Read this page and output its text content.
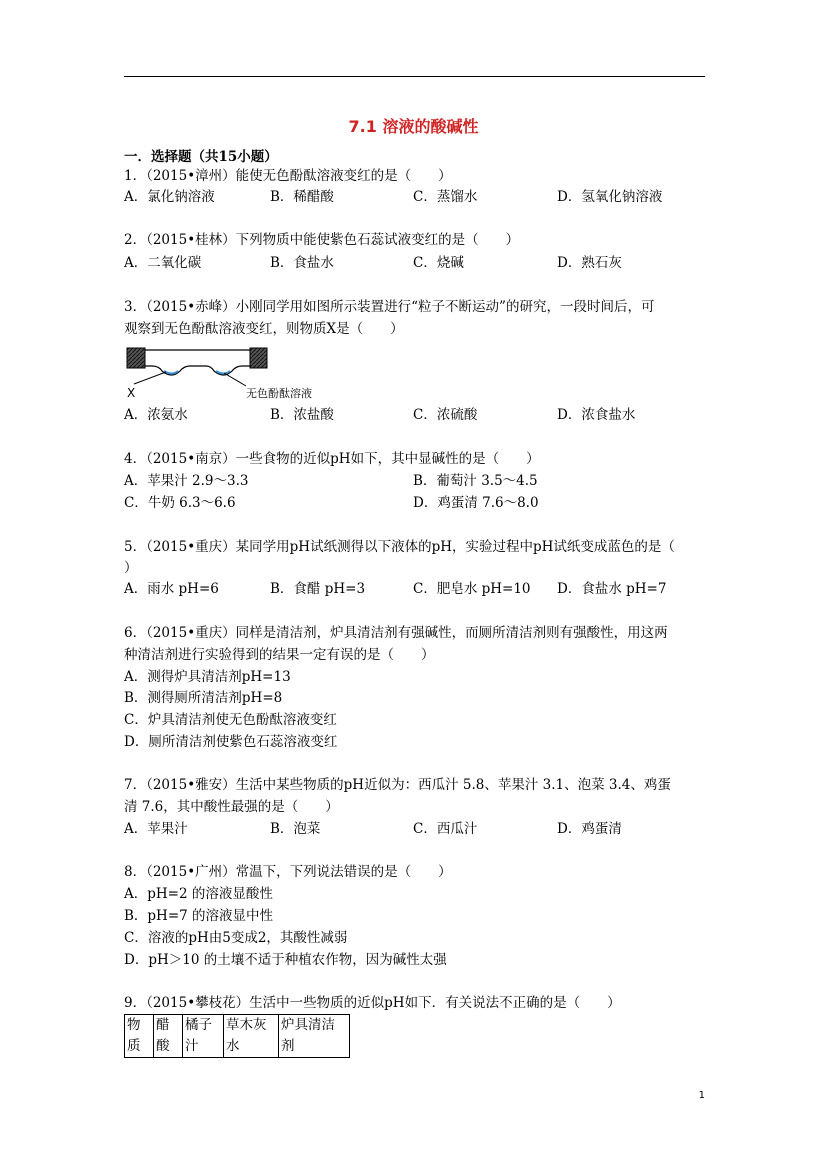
7.1 溶液的酸碱性
一．选择题（共15小题）
1．（2015•漳州）能使无色酚酞溶液变红的是（　　）
A．氯化钠溶液	B．稀醋酸	C．蒸馏水	D．氢氧化钠溶液
2．（2015•桂林）下列物质中能使紫色石蕊试液变红的是（　　）
A．二氧化碳	B．食盐水	C．烧碱	D．熟石灰
3．（2015•赤峰）小刚同学用如图所示装置进行“粒子不断运动”的研究，一段时间后，可
观察到无色酚酞溶液变红，则物质X是（　　）
X	无色酚酞溶液
A．浓氨水	B．浓盐酸	C．浓硫酸	D．浓食盐水
4．（2015•南京）一些食物的近似pH如下，其中显碱性的是（　　）
A．苹果汁 2.9～3.3	B．葡萄汁 3.5～4.5
C．牛奶 6.3～6.6	D．鸡蛋清 7.6～8.0
5．（2015•重庆）某同学用pH试纸测得以下液体的pH，实验过程中pH试纸变成蓝色的是（
）
A．雨水 pH=6	B．食醋 pH=3	C．肥皂水 pH=10 D．食盐水 pH=7
6．（2015•重庆）同样是清洁剂，炉具清洁剂有强碱性，而厕所清洁剂则有强酸性，用这两
种清洁剂进行实验得到的结果一定有误的是（　　）
A．测得炉具清洁剂pH=13
B．测得厕所清洁剂pH=8
C．炉具清洁剂使无色酚酞溶液变红
D．厕所清洁剂使紫色石蕊溶液变红
7．（2015•雅安）生活中某些物质的pH近似为：西瓜汁 5.8、苹果汁 3.1、泡菜 3.4、鸡蛋
清 7.6，其中酸性最强的是（　　）
A．苹果汁	B．泡菜	C．西瓜汁	D．鸡蛋清
8．（2015•广州）常温下，下列说法错误的是（　　）
A．pH=2 的溶液显酸性
B．pH=7 的溶液显中性
C．溶液的pH由5变成2，其酸性减弱
D．pH＞10 的土壤不适于种植农作物，因为碱性太强
9．（2015•攀枝花）生活中一些物质的近似pH如下．有关说法不正确的是（　　）
物质	醋酸	橘子汁	草木灰水	炉具清洁剂
1
